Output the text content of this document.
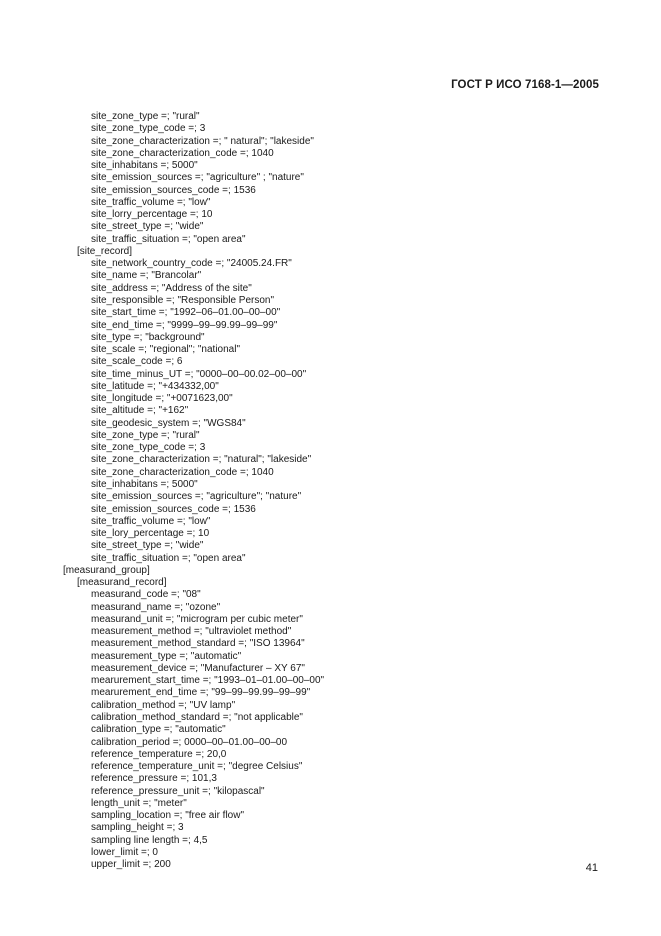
ГОСТ Р ИСО 7168-1—2005
site_zone_type =; "rural"
site_zone_type_code =; 3
site_zone_characterization =; " natural"; "lakeside"
site_zone_characterization_code =; 1040
site_inhabitans =; 5000"
site_emission_sources =; "agriculture" ; "nature"
site_emission_sources_code =; 1536
site_traffic_volume =; "low"
site_lorry_percentage =; 10
site_street_type =; "wide"
site_traffic_situation =; "open area"
[site_record]
site_network_country_code =; "24005.24.FR"
site_name =; "Brancolar"
site_address =; "Address of the site"
site_responsible =; "Responsible Person"
site_start_time =; "1992–06–01.00–00–00"
site_end_time =; "9999–99–99.99–99–99"
site_type =; "background"
site_scale =; "regional"; "national"
site_scale_code =; 6
site_time_minus_UT =; "0000–00–00.02–00–00"
site_latitude =; "+434332,00"
site_longitude =; "+0071623,00"
site_altitude =; "+162"
site_geodesic_system =; "WGS84"
site_zone_type =; "rural"
site_zone_type_code =; 3
site_zone_characterization =; "natural"; "lakeside"
site_zone_characterization_code =; 1040
site_inhabitans =; 5000"
site_emission_sources =; "agriculture"; "nature"
site_emission_sources_code =; 1536
site_traffic_volume =; "low"
site_lory_percentage =; 10
site_street_type =; "wide"
site_traffic_situation =; "open area"
[measurand_group]
[measurand_record]
measurand_code =; "08"
measurand_name =; "ozone"
measurand_unit =; "microgram per cubic meter"
measurement_method =; "ultraviolet method"
measurement_method_standard =; "ISO 13964"
measurement_type =; "automatic"
measurement_device =; "Manufacturer – XY 67"
mearurement_start_time =; "1993–01–01.00–00–00"
mearurement_end_time =; "99–99–99.99–99–99"
calibration_method =; "UV lamp"
calibration_method_standard =; "not applicable"
calibration_type =; "automatic"
calibration_period =; 0000–00–01.00–00–00
reference_temperature =; 20,0
reference_temperature_unit =; "degree Celsius"
reference_pressure =; 101,3
reference_pressure_unit =; "kilopascal"
length_unit =; "meter"
sampling_location =; "free air flow"
sampling_height =; 3
sampling line length =; 4,5
lower_limit =; 0
upper_limit =; 200	41
